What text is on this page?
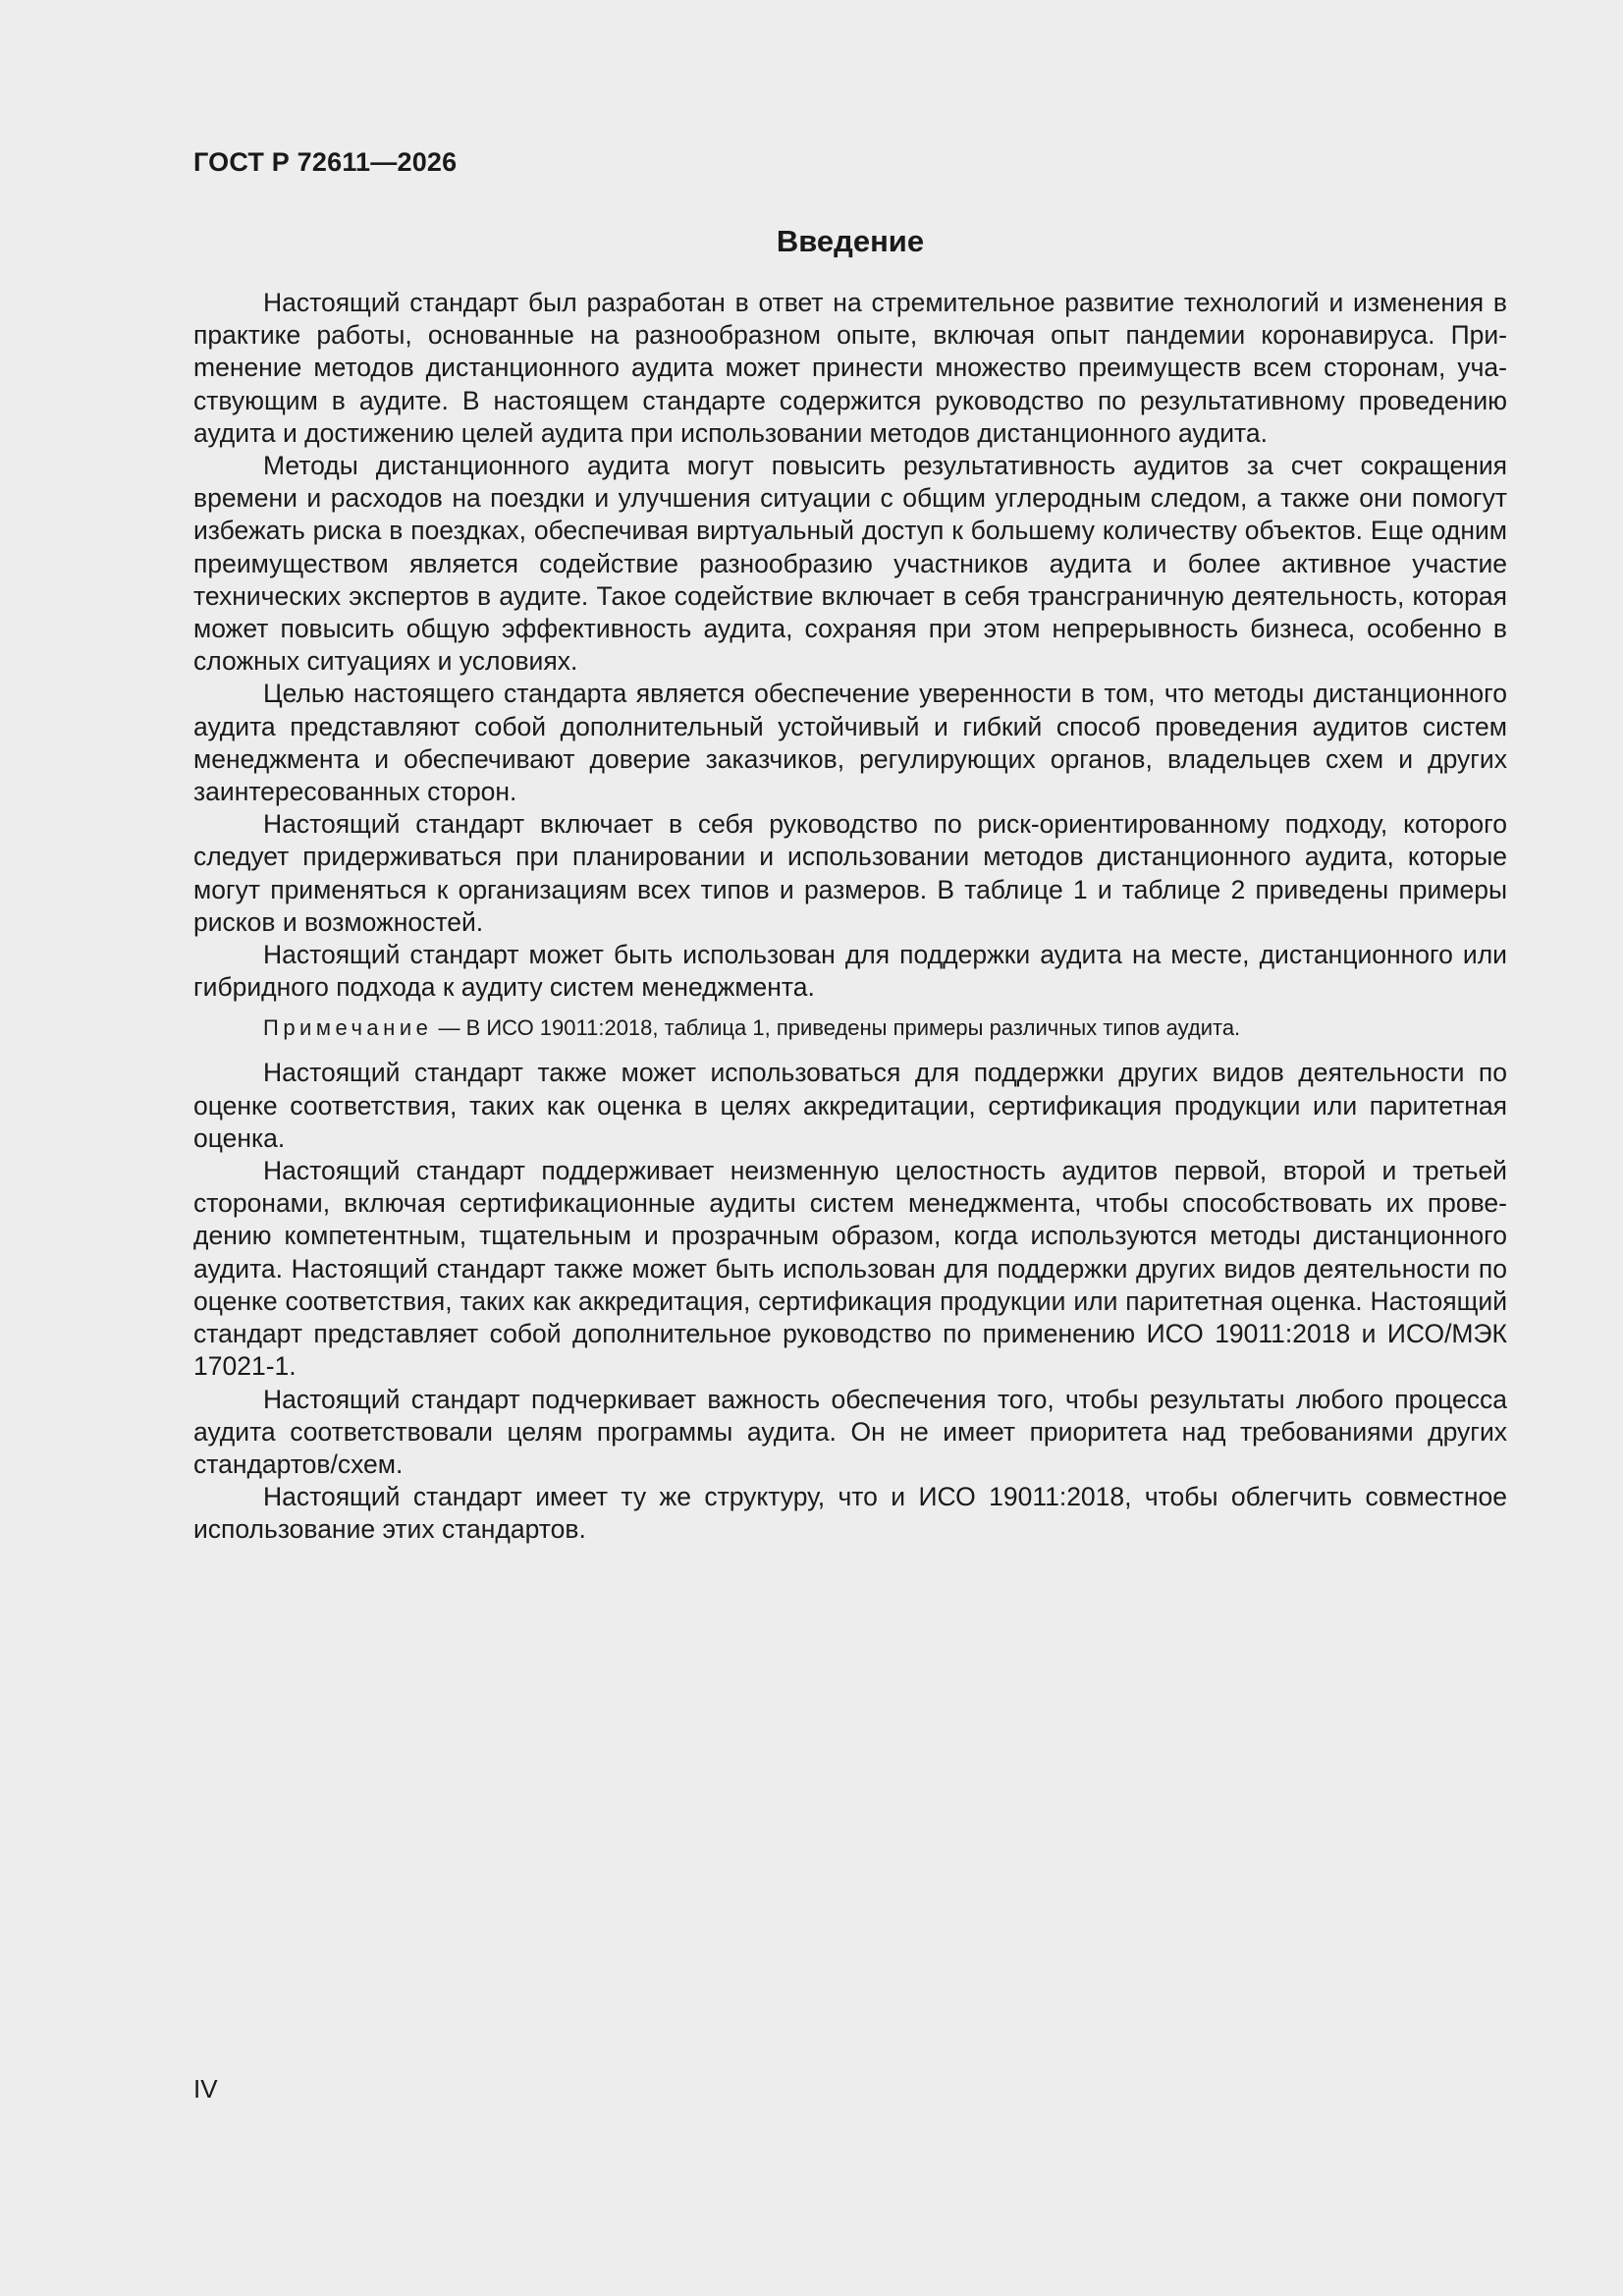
ГОСТ Р 72611—2026
Введение

Настоящий стандарт был разработан в ответ на стремительное развитие технологий и изменения в практике работы, основанные на разнообразном опыте, включая опыт пандемии коронавируса. Приmенение методов дистанционного аудита может принести множество преимуществ всем сторонам, участвующим в аудите. В настоящем стандарте содержится руководство по результативному проведению аудита и достижению целей аудита при использовании методов дистанционного аудита.

Методы дистанционного аудита могут повысить результативность аудитов за счет сокращения времени и расходов на поездки и улучшения ситуации с общим углеродным следом, а также они помогут избежать риска в поездках, обеспечивая виртуальный доступ к большему количеству объектов. Еще одним преимуществом является содействие разнообразию участников аудита и более активное участие технических экспертов в аудите. Такое содействие включает в себя трансграничную деятельность, которая может повысить общую эффективность аудита, сохраняя при этом непрерывность бизнеса, особенно в сложных ситуациях и условиях.

Целью настоящего стандарта является обеспечение уверенности в том, что методы дистанционного аудита представляют собой дополнительный устойчивый и гибкий способ проведения аудитов систем менеджмента и обеспечивают доверие заказчиков, регулирующих органов, владельцев схем и других заинтересованных сторон.

Настоящий стандарт включает в себя руководство по риск-ориентированному подходу, которого следует придерживаться при планировании и использовании методов дистанционного аудита, которые могут применяться к организациям всех типов и размеров. В таблице 1 и таблице 2 приведены примеры рисков и возможностей.

Настоящий стандарт может быть использован для поддержки аудита на месте, дистанционного или гибридного подхода к аудиту систем менеджмента.

Примечание — В ИСО 19011:2018, таблица 1, приведены примеры различных типов аудита.

Настоящий стандарт также может использоваться для поддержки других видов деятельности по оценке соответствия, таких как оценка в целях аккредитации, сертификация продукции или паритетная оценка.

Настоящий стандарт поддерживает неизменную целостность аудитов первой, второй и третьей сторонами, включая сертификационные аудиты систем менеджмента, чтобы способствовать их проведению компетентным, тщательным и прозрачным образом, когда используются методы дистанционного аудита. Настоящий стандарт также может быть использован для поддержки других видов деятельности по оценке соответствия, таких как аккредитация, сертификация продукции или паритетная оценка. Настоящий стандарт представляет собой дополнительное руководство по применению ИСО 19011:2018 и ИСО/МЭК 17021-1.

Настоящий стандарт подчеркивает важность обеспечения того, чтобы результаты любого процесса аудита соответствовали целям программы аудита. Он не имеет приоритета над требованиями других стандартов/схем.

Настоящий стандарт имеет ту же структуру, что и ИСО 19011:2018, чтобы облегчить совместное использование этих стандартов.

IV
